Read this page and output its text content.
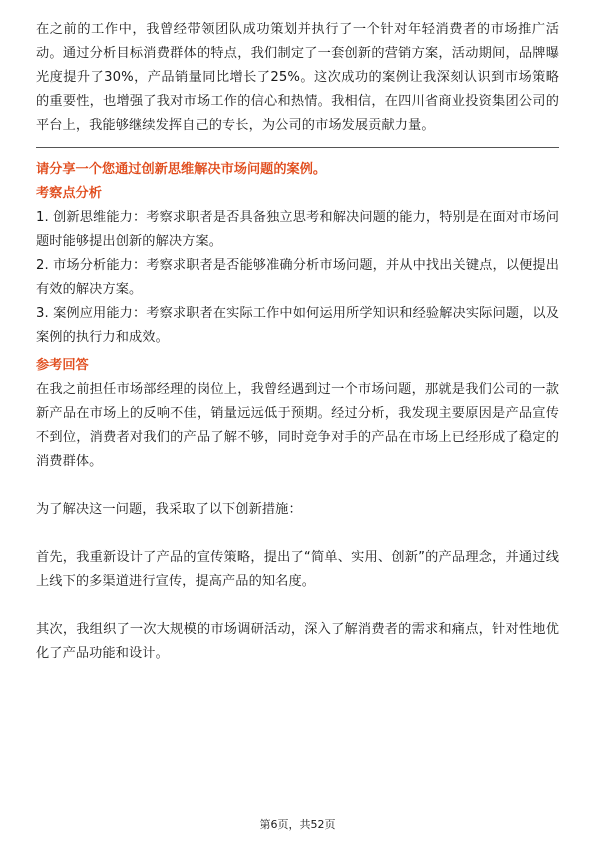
在之前的工作中，我曾经带领团队成功策划并执行了一个针对年轻消费者的市场推广活动。通过分析目标消费群体的特点，我们制定了一套创新的营销方案，活动期间，品牌曝光度提升了30%，产品销量同比增长了25%。这次成功的案例让我深刻认识到市场策略的重要性，也增强了我对市场工作的信心和热情。我相信，在四川省商业投资集团公司的平台上，我能够继续发挥自己的专长，为公司的市场发展贡献力量。

请分享一个您通过创新思维解决市场问题的案例。

考察点分析

1. 创新思维能力：考察求职者是否具备独立思考和解决问题的能力，特别是在面对市场问题时能够提出创新的解决方案。

2. 市场分析能力：考察求职者是否能够准确分析市场问题，并从中找出关键点，以便提出有效的解决方案。

3. 案例应用能力：考察求职者在实际工作中如何运用所学知识和经验解决实际问题，以及案例的执行力和成效。

参考回答

在我之前担任市场部经理的岗位上，我曾经遇到过一个市场问题，那就是我们公司的一款新产品在市场上的反响不佳，销量远远低于预期。经过分析，我发现主要原因是产品宣传不到位，消费者对我们的产品了解不够，同时竞争对手的产品在市场上已经形成了稳定的消费群体。

为了解决这一问题，我采取了以下创新措施：

首先，我重新设计了产品的宣传策略，提出了“简单、实用、创新”的产品理念，并通过线上线下的多渠道进行宣传，提高产品的知名度。

其次，我组织了一次大规模的市场调研活动，深入了解消费者的需求和痛点，针对性地优化了产品功能和设计。

第6页，共52页
